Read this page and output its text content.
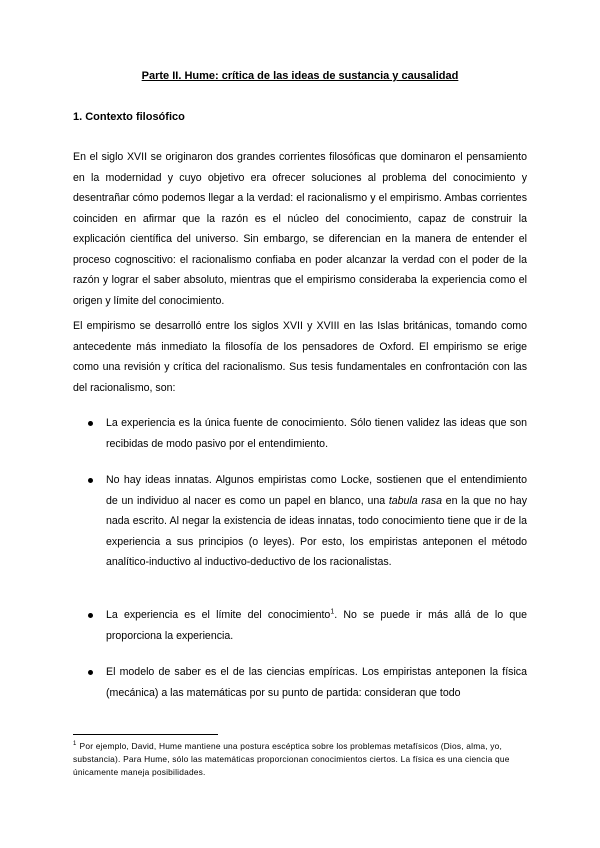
Parte II. Hume: crítica de las ideas de sustancia y causalidad
1. Contexto filosófico
En el siglo XVII se originaron dos grandes corrientes filosóficas que dominaron el pensamiento en la modernidad y cuyo objetivo era ofrecer soluciones al problema del conocimiento y desentrañar cómo podemos llegar a la verdad: el racionalismo y el empirismo. Ambas corrientes coinciden en afirmar que la razón es el núcleo del conocimiento, capaz de construir la explicación científica del universo. Sin embargo, se diferencian en la manera de entender el proceso cognoscitivo: el racionalismo confiaba en poder alcanzar la verdad con el poder de la razón y lograr el saber absoluto, mientras que el empirismo consideraba la experiencia como el origen y límite del conocimiento.
El empirismo se desarrolló entre los siglos XVII y XVIII en las Islas británicas, tomando como antecedente más inmediato la filosofía de los pensadores de Oxford. El empirismo se erige como una revisión y crítica del racionalismo. Sus tesis fundamentales en confrontación con las del racionalismo, son:
La experiencia es la única fuente de conocimiento. Sólo tienen validez las ideas que son recibidas de modo pasivo por el entendimiento.
No hay ideas innatas. Algunos empiristas como Locke, sostienen que el entendimiento de un individuo al nacer es como un papel en blanco, una tabula rasa en la que no hay nada escrito. Al negar la existencia de ideas innatas, todo conocimiento tiene que ir de la experiencia a sus principios (o leyes). Por esto, los empiristas anteponen el método analítico-inductivo al inductivo-deductivo de los racionalistas.
La experiencia es el límite del conocimiento$^1$. No se puede ir más allá de lo que proporciona la experiencia.
El modelo de saber es el de las ciencias empíricas. Los empiristas anteponen la física (mecánica) a las matemáticas por su punto de partida: consideran que todo
$^1$ Por ejemplo, David, Hume mantiene una postura escéptica sobre los problemas metafísicos (Dios, alma, yo, substancia). Para Hume, sólo las matemáticas proporcionan conocimientos ciertos. La física es una ciencia que únicamente maneja posibilidades.
